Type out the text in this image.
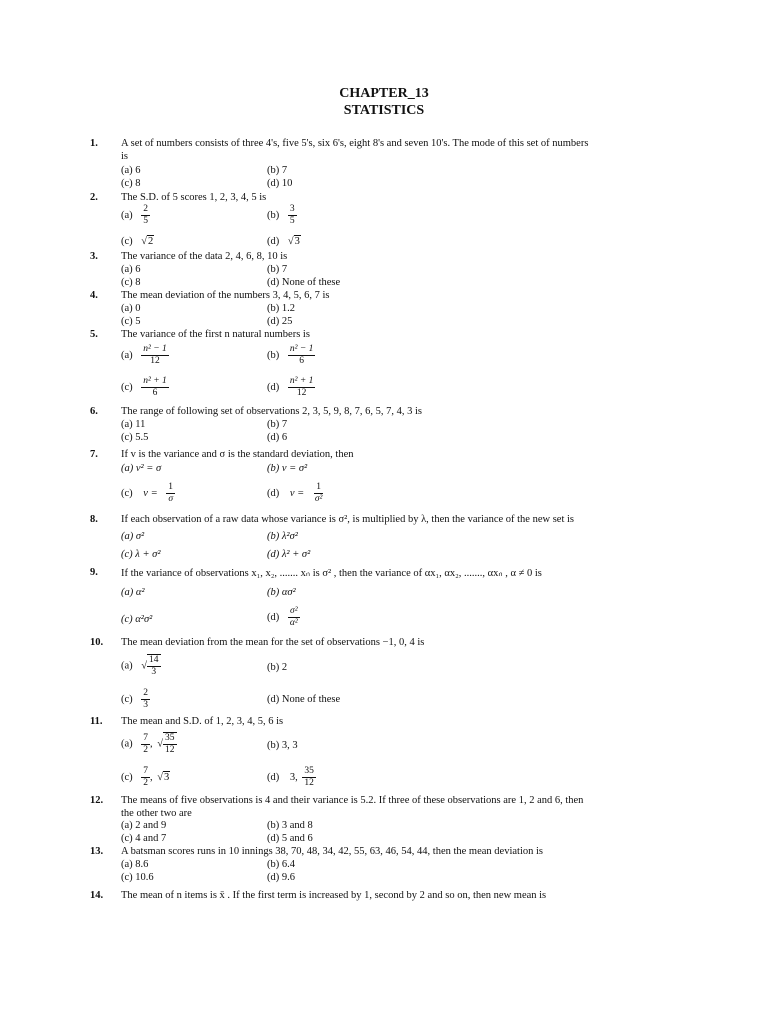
CHAPTER_13
STATISTICS
1. A set of numbers consists of three 4's, five 5's, six 6's, eight 8's and seven 10's. The mode of this set of numbers
is
(a) 6	(b) 7
(c) 8	(d) 10
2. The S.D. of 5 scores 1, 2, 3, 4, 5 is
$(a) \frac{2}{5}$	$(b) \frac{3}{5}$
(c) √2	(d) √3
3. The variance of the data 2, 4, 6, 8, 10 is
(a) 6	(b) 7
(c) 8	(d) None of these
4. The mean deviation of the numbers 3, 4, 5, 6, 7 is
(a) 0	(b) 1.2
(c) 5	(d) 25
5. The variance of the first n natural numbers is
$(a) \frac{\text{n² − 1}}{12}$	$(b) \frac{\text{n² − 1}}{6}$
$(c) \frac{\text{n² + 1}}{6}$	$(d) \frac{\text{n² + 1}}{12}$
6. The range of following set of observations 2, 3, 5, 9, 8, 7, 6, 5, 7, 4, 3 is
(a) 11	(b) 7
(c) 5.5	(d) 6
7. If v is the variance and σ is the standard deviation, then
(a) v² = σ	(b) v = σ²
(c) $v = \frac{1}{\sigma}$	(d) $v = \frac{1}{\text{σ²}}$
8. If each observation of a raw data whose variance is σ², is multiplied by λ, then the variance of the new set is
(a) σ²	(b) λ²σ²
(c) λ + σ²	(d) λ² + σ²
9. If the variance of observations x₁, x₂, ....... xₙ is σ² , then the variance of αx₁, αx₂, ......., αxₙ , α ≠ 0 is
(a) α²	(b) ασ²
(c) α²σ²	$(d) \frac{\text{σ²}}{\text{α²}}$
10. The mean deviation from the mean for the set of observations −1, 0, 4 is
(a) √ $\frac{14}{3}$	(b) 2
$(c) \frac{2}{3}$	(d) None of these
11. The mean and S.D. of 1, 2, 3, 4, 5, 6 is
$(a) \frac{7}{2}$ , √ $\frac{35}{12}$	(b) 3, 3
$(c) \frac{7}{2}$ , √3	(d) 3, $\frac{35}{12}$
12. The means of five observations is 4 and their variance is 5.2. If three of these observations are 1, 2 and 6, then
the other two are
(a) 2 and 9	(b) 3 and 8
(c) 4 and 7	(d) 5 and 6
13. A batsman scores runs in 10 innings 38, 70, 48, 34, 42, 55, 63, 46, 54, 44, then the mean deviation is
(a) 8.6	(b) 6.4
(c) 10.6	(d) 9.6
14. The mean of n items is x̄ . If the first term is increased by 1, second by 2 and so on, then new mean is
